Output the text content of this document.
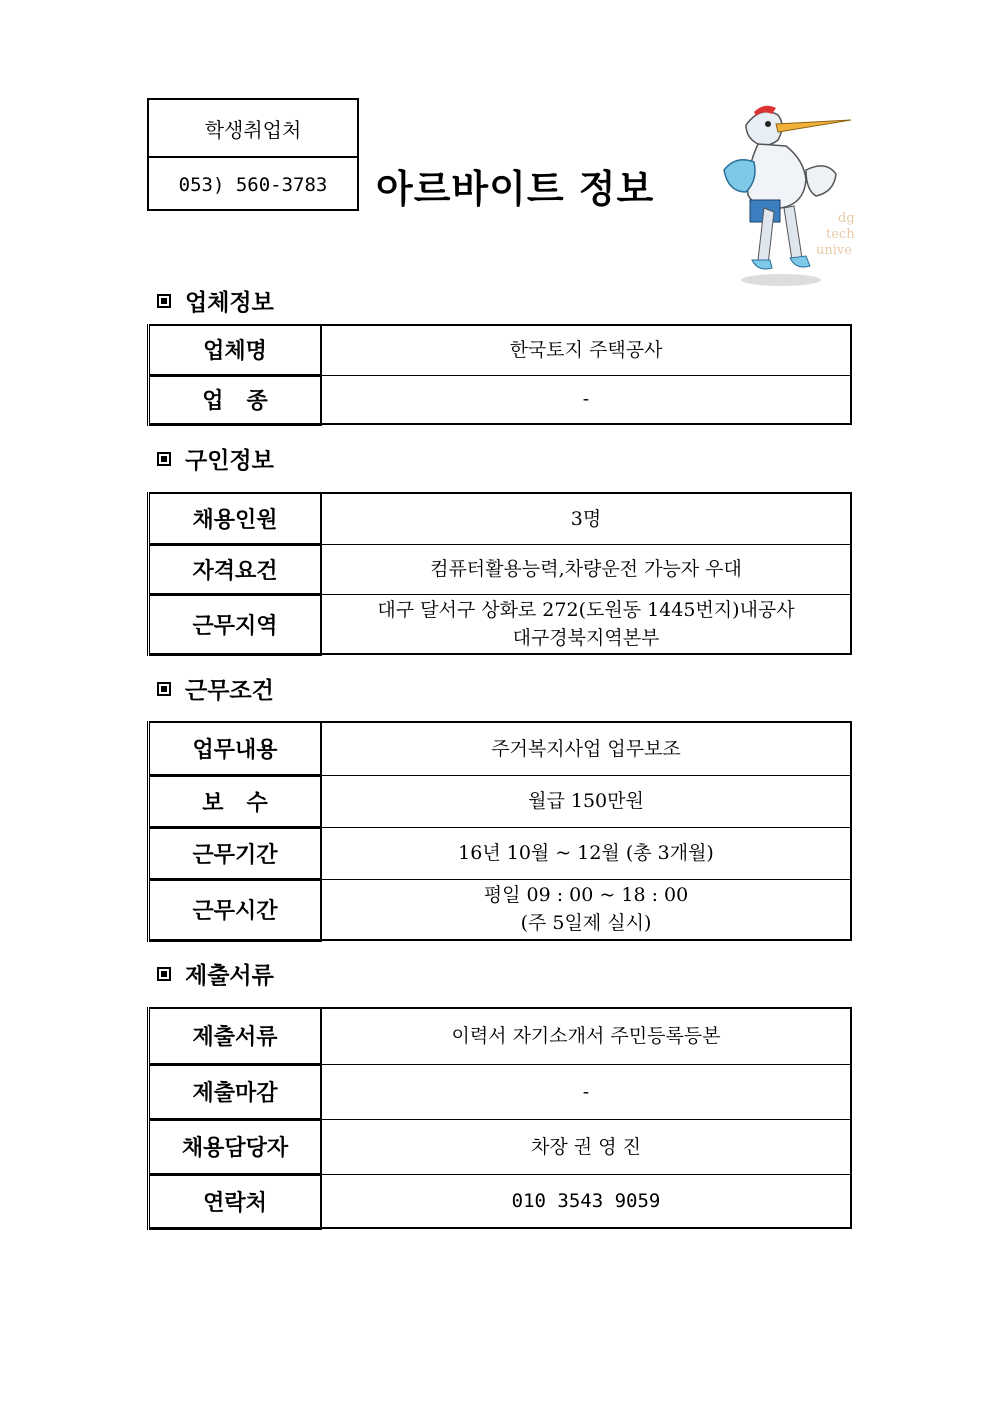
학생취업처
053) 560-3783	아르바이트 정보
dg
tech
unive
업체정보
업체명	한국토지 주택공사
업   종	-
구인정보
채용인원	3명
자격요건	컴퓨터활용능력,차량운전 가능자 우대
근무지역	대구 달서구 상화로 272(도원동 1445번지)내공사
대구경북지역본부
근무조건
업무내용	주거복지사업 업무보조
보   수	월급 150만원
근무기간	16년 10월 ~ 12월 (총 3개월)
근무시간	평일 09 : 00 ~ 18 : 00
(주 5일제 실시)
제출서류
제출서류	이력서 자기소개서 주민등록등본
제출마감	-
채용담당자	차장 권 영 진
연락처	010 3543 9059
